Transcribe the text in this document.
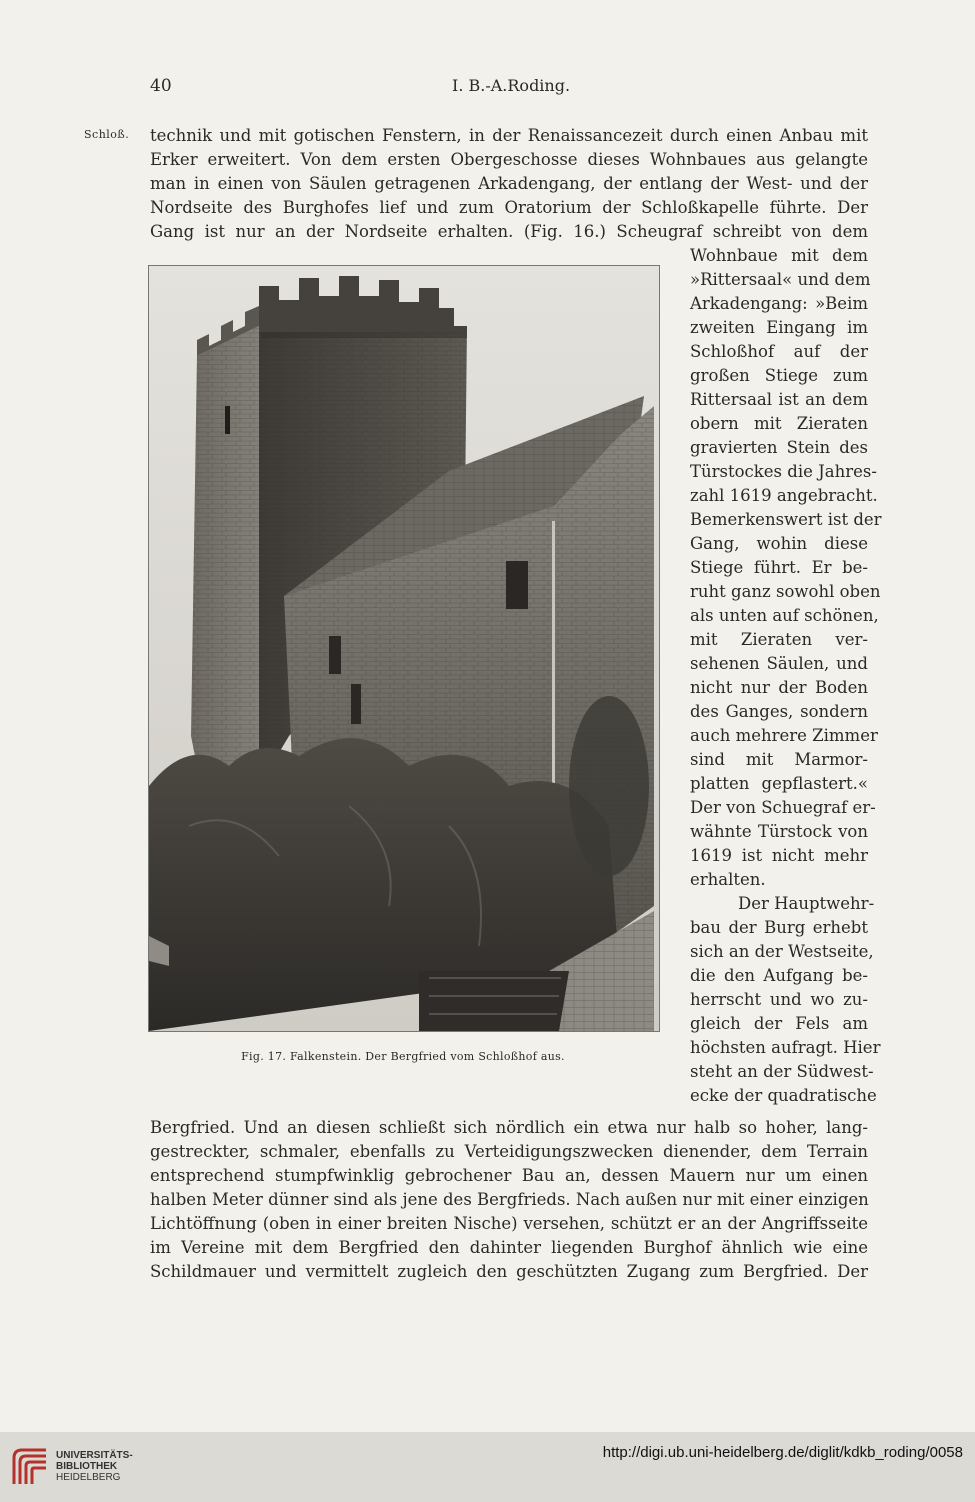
40	I. B.-A.Roding.
Schloß. technik und mit gotischen Fenstern, in der Renaissancezeit durch einen Anbau mit
Erker erweitert. Von dem ersten Obergeschosse dieses Wohnbaues aus gelangte
man in einen von Säulen getragenen Arkadengang, der entlang der West- und der
Nordseite des Burghofes lief und zum Oratorium der Schloßkapelle führte. Der
Gang ist nur an der Nordseite erhalten. (Fig. 16.) Scheugraf schreibt von dem
Fig. 17. Falkenstein. Der Bergfried vom Schloßhof aus.
Wohnbaue mit dem
»Rittersaal« und dem
Arkadengang: »Beim
zweiten Eingang im
Schloßhof auf der
großen Stiege zum
Rittersaal ist an dem
obern mit Zieraten
gravierten Stein des
Türstockes die Jahres-
zahl 1619 angebracht.
Bemerkenswert ist der
Gang, wohin diese
Stiege führt. Er be-
ruht ganz sowohl oben
als unten auf schönen,
mit Zieraten ver-
sehenen Säulen, und
nicht nur der Boden
des Ganges, sondern
auch mehrere Zimmer
sind mit Marmor-
platten gepflastert.«
Der von Schuegraf er-
wähnte Türstock von
1619 ist nicht mehr
erhalten.
Der Hauptwehr-
bau der Burg erhebt
sich an der Westseite,
die den Aufgang be-
herrscht und wo zu-
gleich der Fels am
höchsten aufragt. Hier
steht an der Südwest-
ecke der quadratische
Bergfried. Und an diesen schließt sich nördlich ein etwa nur halb so hoher, lang-
gestreckter, schmaler, ebenfalls zu Verteidigungszwecken dienender, dem Terrain
entsprechend stumpfwinklig gebrochener Bau an, dessen Mauern nur um einen
halben Meter dünner sind als jene des Bergfrieds. Nach außen nur mit einer einzigen
Lichtöffnung (oben in einer breiten Nische) versehen, schützt er an der Angriffsseite
im Vereine mit dem Bergfried den dahinter liegenden Burghof ähnlich wie eine
Schildmauer und vermittelt zugleich den geschützten Zugang zum Bergfried. Der
UNIVERSITÄTS-
BIBLIOTHEK
HEIDELBERG
http://digi.ub.uni-heidelberg.de/diglit/kdkb_roding/0058
